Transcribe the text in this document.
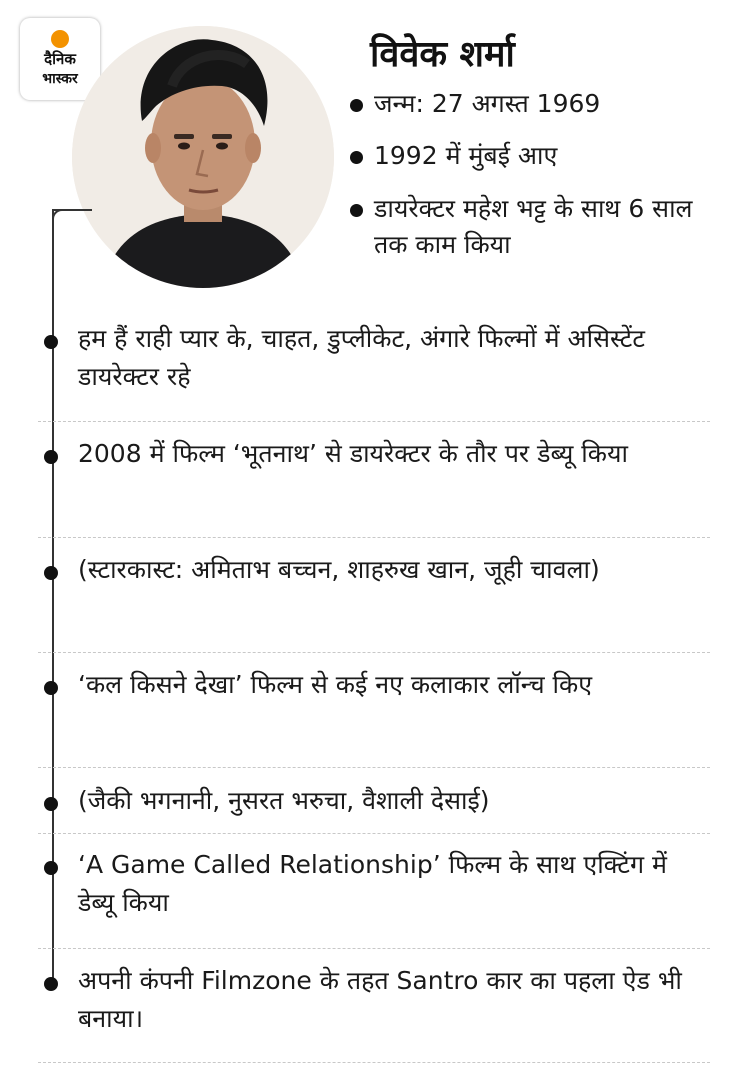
दैनिक
भास्कर
विवेक शर्मा
जन्म: 27 अगस्त 1969
1992 में मुंबई आए
डायरेक्टर महेश भट्ट के साथ 6 साल तक काम किया
हम हैं राही प्यार के, चाहत, डुप्लीकेट, अंगारे फिल्मों में असिस्टेंट डायरेक्टर रहे
2008 में फिल्म ‘भूतनाथ’ से डायरेक्टर के तौर पर डेब्यू किया
(स्टारकास्ट: अमिताभ बच्चन, शाहरुख खान, जूही चावला)
‘कल किसने देखा’ फिल्म से कई नए कलाकार लॉन्च किए
(जैकी भगनानी, नुसरत भरुचा, वैशाली देसाई)
‘A Game Called Relationship’ फिल्म के साथ एक्टिंग में डेब्यू किया
अपनी कंपनी Filmzone के तहत Santro कार का पहला ऐड भी बनाया।
